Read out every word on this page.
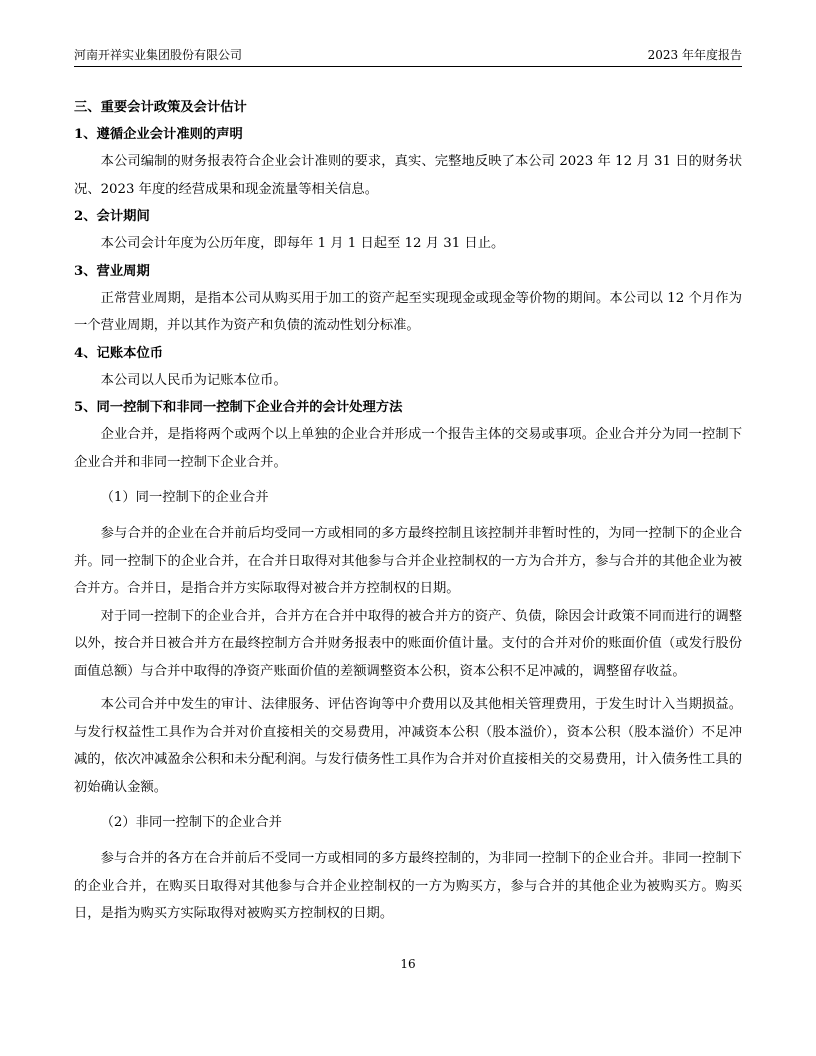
河南开祥实业集团股份有限公司	2023 年年度报告

三、重要会计政策及会计估计

1、遵循企业会计准则的声明

本公司编制的财务报表符合企业会计准则的要求，真实、完整地反映了本公司 2023 年 12 月 31 日的财务状况、2023 年度的经营成果和现金流量等相关信息。

2、会计期间

本公司会计年度为公历年度，即每年 1 月 1 日起至 12 月 31 日止。

3、营业周期

正常营业周期，是指本公司从购买用于加工的资产起至实现现金或现金等价物的期间。本公司以 12 个月作为一个营业周期，并以其作为资产和负债的流动性划分标准。

4、记账本位币

本公司以人民币为记账本位币。

5、同一控制下和非同一控制下企业合并的会计处理方法

企业合并，是指将两个或两个以上单独的企业合并形成一个报告主体的交易或事项。企业合并分为同一控制下企业合并和非同一控制下企业合并。

（1）同一控制下的企业合并

参与合并的企业在合并前后均受同一方或相同的多方最终控制且该控制并非暂时性的，为同一控制下的企业合并。同一控制下的企业合并，在合并日取得对其他参与合并企业控制权的一方为合并方，参与合并的其他企业为被合并方。合并日，是指合并方实际取得对被合并方控制权的日期。

对于同一控制下的企业合并，合并方在合并中取得的被合并方的资产、负债，除因会计政策不同而进行的调整以外，按合并日被合并方在最终控制方合并财务报表中的账面价值计量。支付的合并对价的账面价值（或发行股份面值总额）与合并中取得的净资产账面价值的差额调整资本公积，资本公积不足冲减的，调整留存收益。

本公司合并中发生的审计、法律服务、评估咨询等中介费用以及其他相关管理费用，于发生时计入当期损益。与发行权益性工具作为合并对价直接相关的交易费用，冲减资本公积（股本溢价），资本公积（股本溢价）不足冲减的，依次冲减盈余公积和未分配利润。与发行债务性工具作为合并对价直接相关的交易费用，计入债务性工具的初始确认金额。

（2）非同一控制下的企业合并

参与合并的各方在合并前后不受同一方或相同的多方最终控制的，为非同一控制下的企业合并。非同一控制下的企业合并，在购买日取得对其他参与合并企业控制权的一方为购买方，参与合并的其他企业为被购买方。购买日，是指为购买方实际取得对被购买方控制权的日期。

16
